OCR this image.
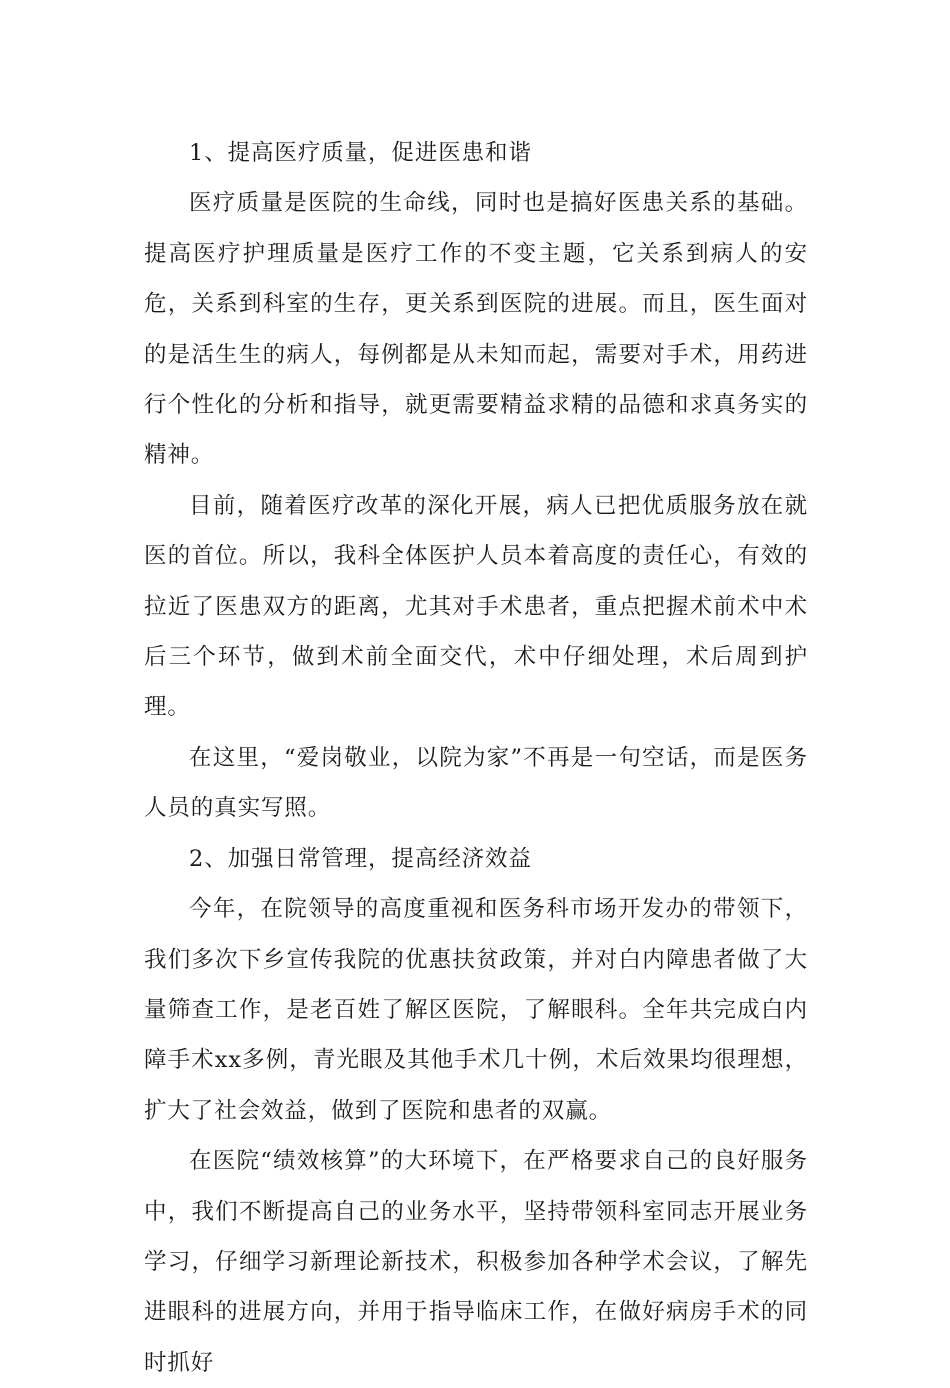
1、提高医疗质量，促进医患和谐

医疗质量是医院的生命线，同时也是搞好医患关系的基础。提高医疗护理质量是医疗工作的不变主题，它关系到病人的安危，关系到科室的生存，更关系到医院的进展。而且，医生面对的是活生生的病人，每例都是从未知而起，需要对手术，用药进行个性化的分析和指导，就更需要精益求精的品德和求真务实的精神。

目前，随着医疗改革的深化开展，病人已把优质服务放在就医的首位。所以，我科全体医护人员本着高度的责任心，有效的拉近了医患双方的距离，尤其对手术患者，重点把握术前术中术后三个环节，做到术前全面交代，术中仔细处理，术后周到护理。

在这里，“爱岗敬业，以院为家”不再是一句空话，而是医务人员的真实写照。

2、加强日常管理，提高经济效益

今年，在院领导的高度重视和医务科市场开发办的带领下，我们多次下乡宣传我院的优惠扶贫政策，并对白内障患者做了大量筛查工作，是老百姓了解区医院，了解眼科。全年共完成白内障手术xx多例，青光眼及其他手术几十例，术后效果均很理想，扩大了社会效益，做到了医院和患者的双赢。

在医院“绩效核算”的大环境下，在严格要求自己的良好服务中，我们不断提高自己的业务水平，坚持带领科室同志开展业务学习，仔细学习新理论新技术，积极参加各种学术会议，了解先进眼科的进展方向，并用于指导临床工作，在做好病房手术的同时抓好
